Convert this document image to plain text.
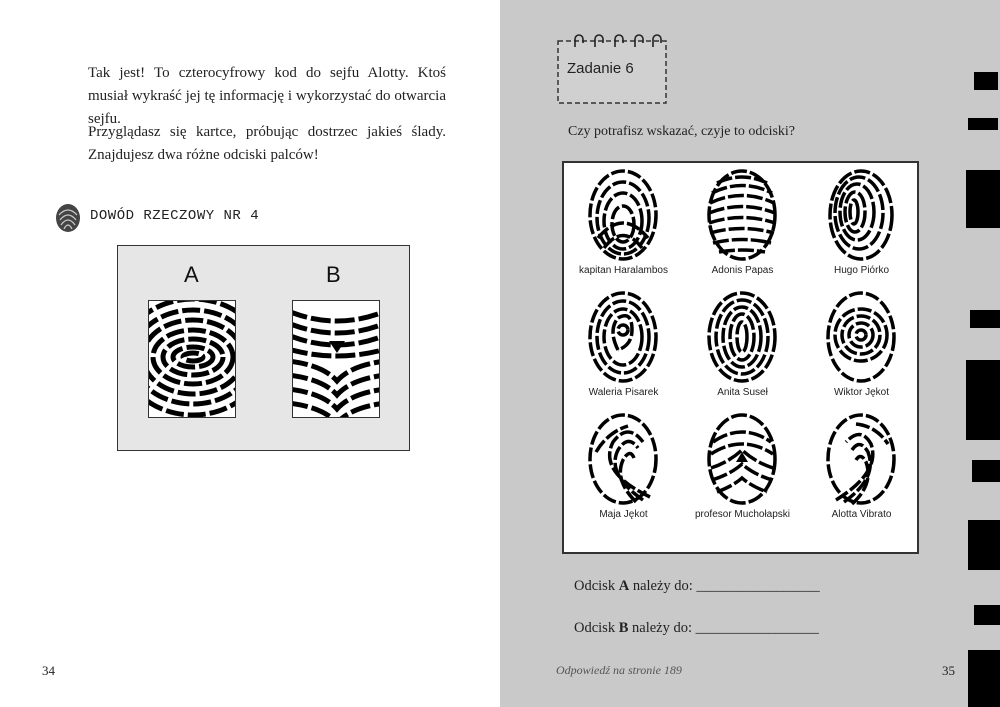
Tak jest! To czterocyfrowy kod do sejfu Alotty. Ktoś musiał wykraść jej tę informację i wykorzystać do otwarcia sejfu.

Przyglądasz się kartce, próbując dostrzec jakieś ślady. Znajdujesz dwa różne odciski palców!

DOWÓD RZECZOWY NR 4
A	B
34
Zadanie 6
Czy potrafisz wskazać, czyje to odciski?
kapitan Haralambos	Adonis Papas	Hugo Piórko
Waleria Pisarek	Anita Suseł	Wiktor Jękot
Maja Jękot	profesor Muchołapski	Alotta Vibrato
Odcisk A należy do: _________________
Odcisk B należy do: _________________
Odpowiedź na stronie 189	35
